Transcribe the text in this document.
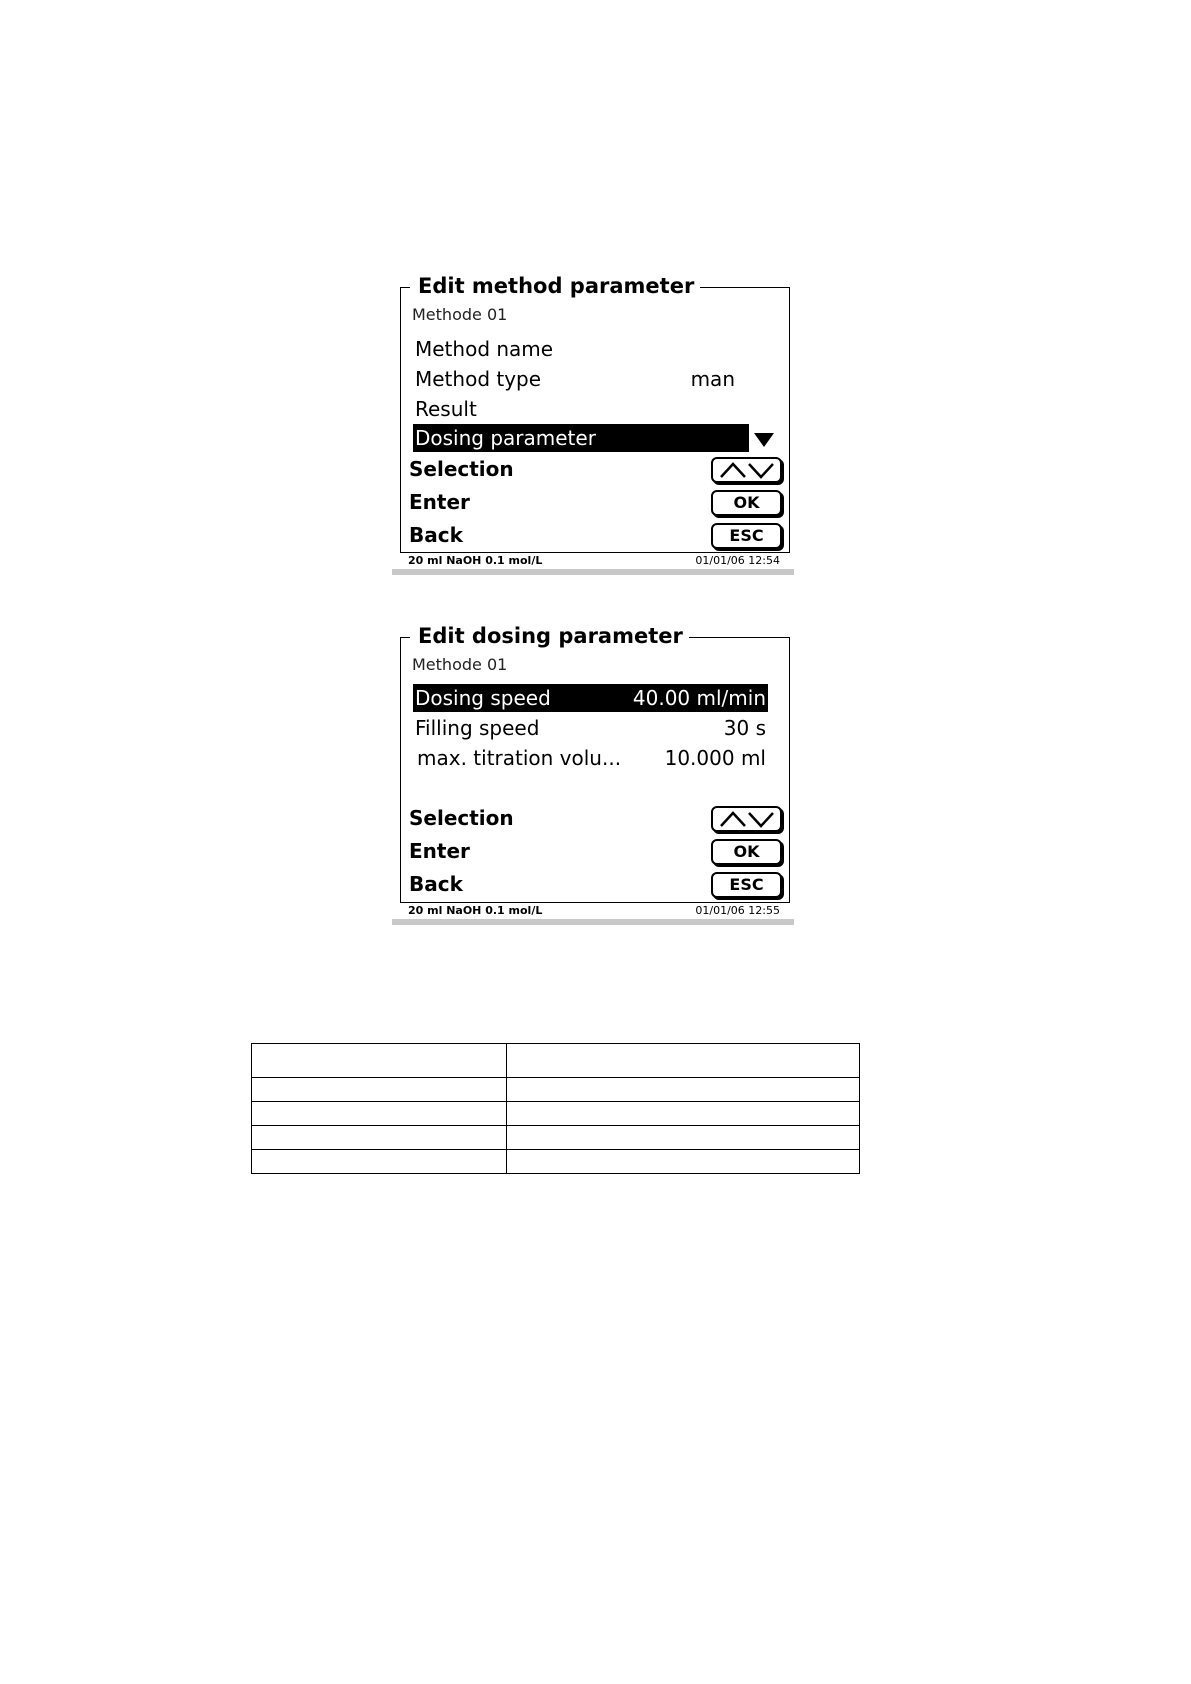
Edit method parameter
Methode 01
Method name
Method type	man
Result
Dosing parameter
Selection
Enter	OK
Back	ESC
20 ml NaOH 0.1 mol/L	01/01/06 12:54
Edit dosing parameter
Methode 01
Dosing speed	40.00 ml/min
Filling speed	30 s
max. titration volu... 10.000 ml
Selection
Enter	OK
Back	ESC
20 ml NaOH 0.1 mol/L	01/01/06 12:55
